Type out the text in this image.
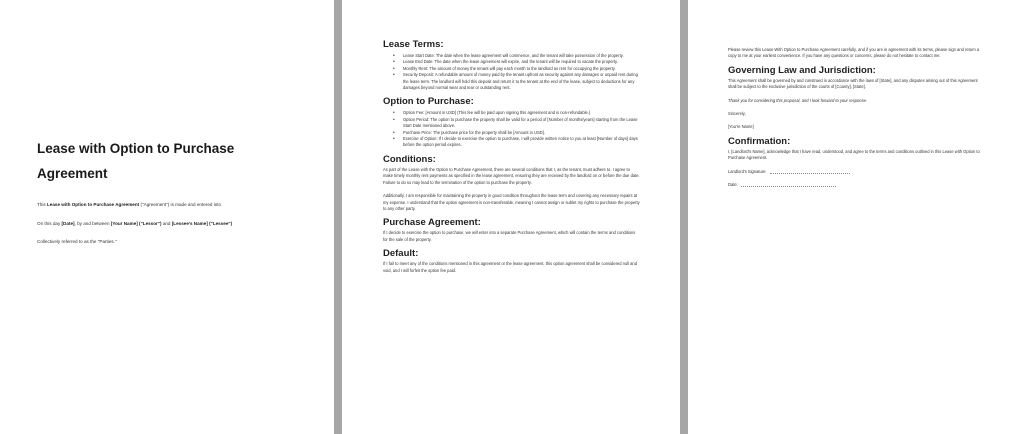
Lease with Option to Purchase
Agreement
This Lease with Option to Purchase Agreement ("Agreement") is made and entered into
On this day [Date], by and between [Your Name] ("Lessor") and [Lessee's Name] ("Lessee")
Collectively referred to as the "Parties."
Lease Terms:
• Lease Start Date: The date when the lease agreement will commence, and the tenant will take possession of the property.
• Lease End Date: The date when the lease agreement will expire, and the tenant will be required to vacate the property.
• Monthly Rent: The amount of money the tenant will pay each month to the landlord as rent for occupying the property.
• Security Deposit: A refundable amount of money paid by the tenant upfront as security against any damages or unpaid rent during the lease term. The landlord will hold this deposit and return it to the tenant at the end of the lease, subject to deductions for any damages beyond normal wear and tear or outstanding rent.
Option to Purchase:
• Option Fee: [Amount in USD] (This fee will be paid upon signing this agreement and is non-refundable.)
• Option Period: The option to purchase the property shall be valid for a period of [Number of months/years] starting from the Lease Start Date mentioned above.
• Purchase Price: The purchase price for the property shall be [Amount in USD].
• Exercise of Option: If I decide to exercise the option to purchase, I will provide written notice to you at least [Number of days] days before the option period expires.
Conditions:

As part of the Lease with the Option to Purchase Agreement, there are several conditions that I, as the tenant, must adhere to. I agree to make timely monthly rent payments as specified in the lease agreement, ensuring they are received by the landlord on or before the due date. Failure to do so may lead to the termination of the option to purchase the property.

Additionally, I am responsible for maintaining the property in good condition throughout the lease term and covering any necessary repairs at my expense. I understand that the option agreement is non-transferable, meaning I cannot assign or sublet my rights to purchase the property to any other party.

Purchase Agreement:

If I decide to exercise the option to purchase, we will enter into a separate Purchase Agreement, which will contain the terms and conditions for the sale of the property.

Default:

If I fail to meet any of the conditions mentioned in this agreement or the lease agreement, this option agreement shall be considered null and void, and I will forfeit the option fee paid.

Please review this Lease With Option to Purchase Agreement carefully, and if you are in agreement with its terms, please sign and return a copy to me at your earliest convenience. If you have any questions or concerns, please do not hesitate to contact me.

Governing Law and Jurisdiction:

This Agreement shall be governed by and construed in accordance with the laws of [State], and any disputes arising out of this Agreement shall be subject to the exclusive jurisdiction of the courts of [County], [State].

Thank you for considering this proposal, and I look forward to your response.

Sincerely,

[You're Name]

Confirmation:

I, [Landlord's Name], acknowledge that I have read, understood, and agree to the terms and conditions outlined in this Lease with Option to Purchase Agreement.

Landlord's Signature:

Date:
